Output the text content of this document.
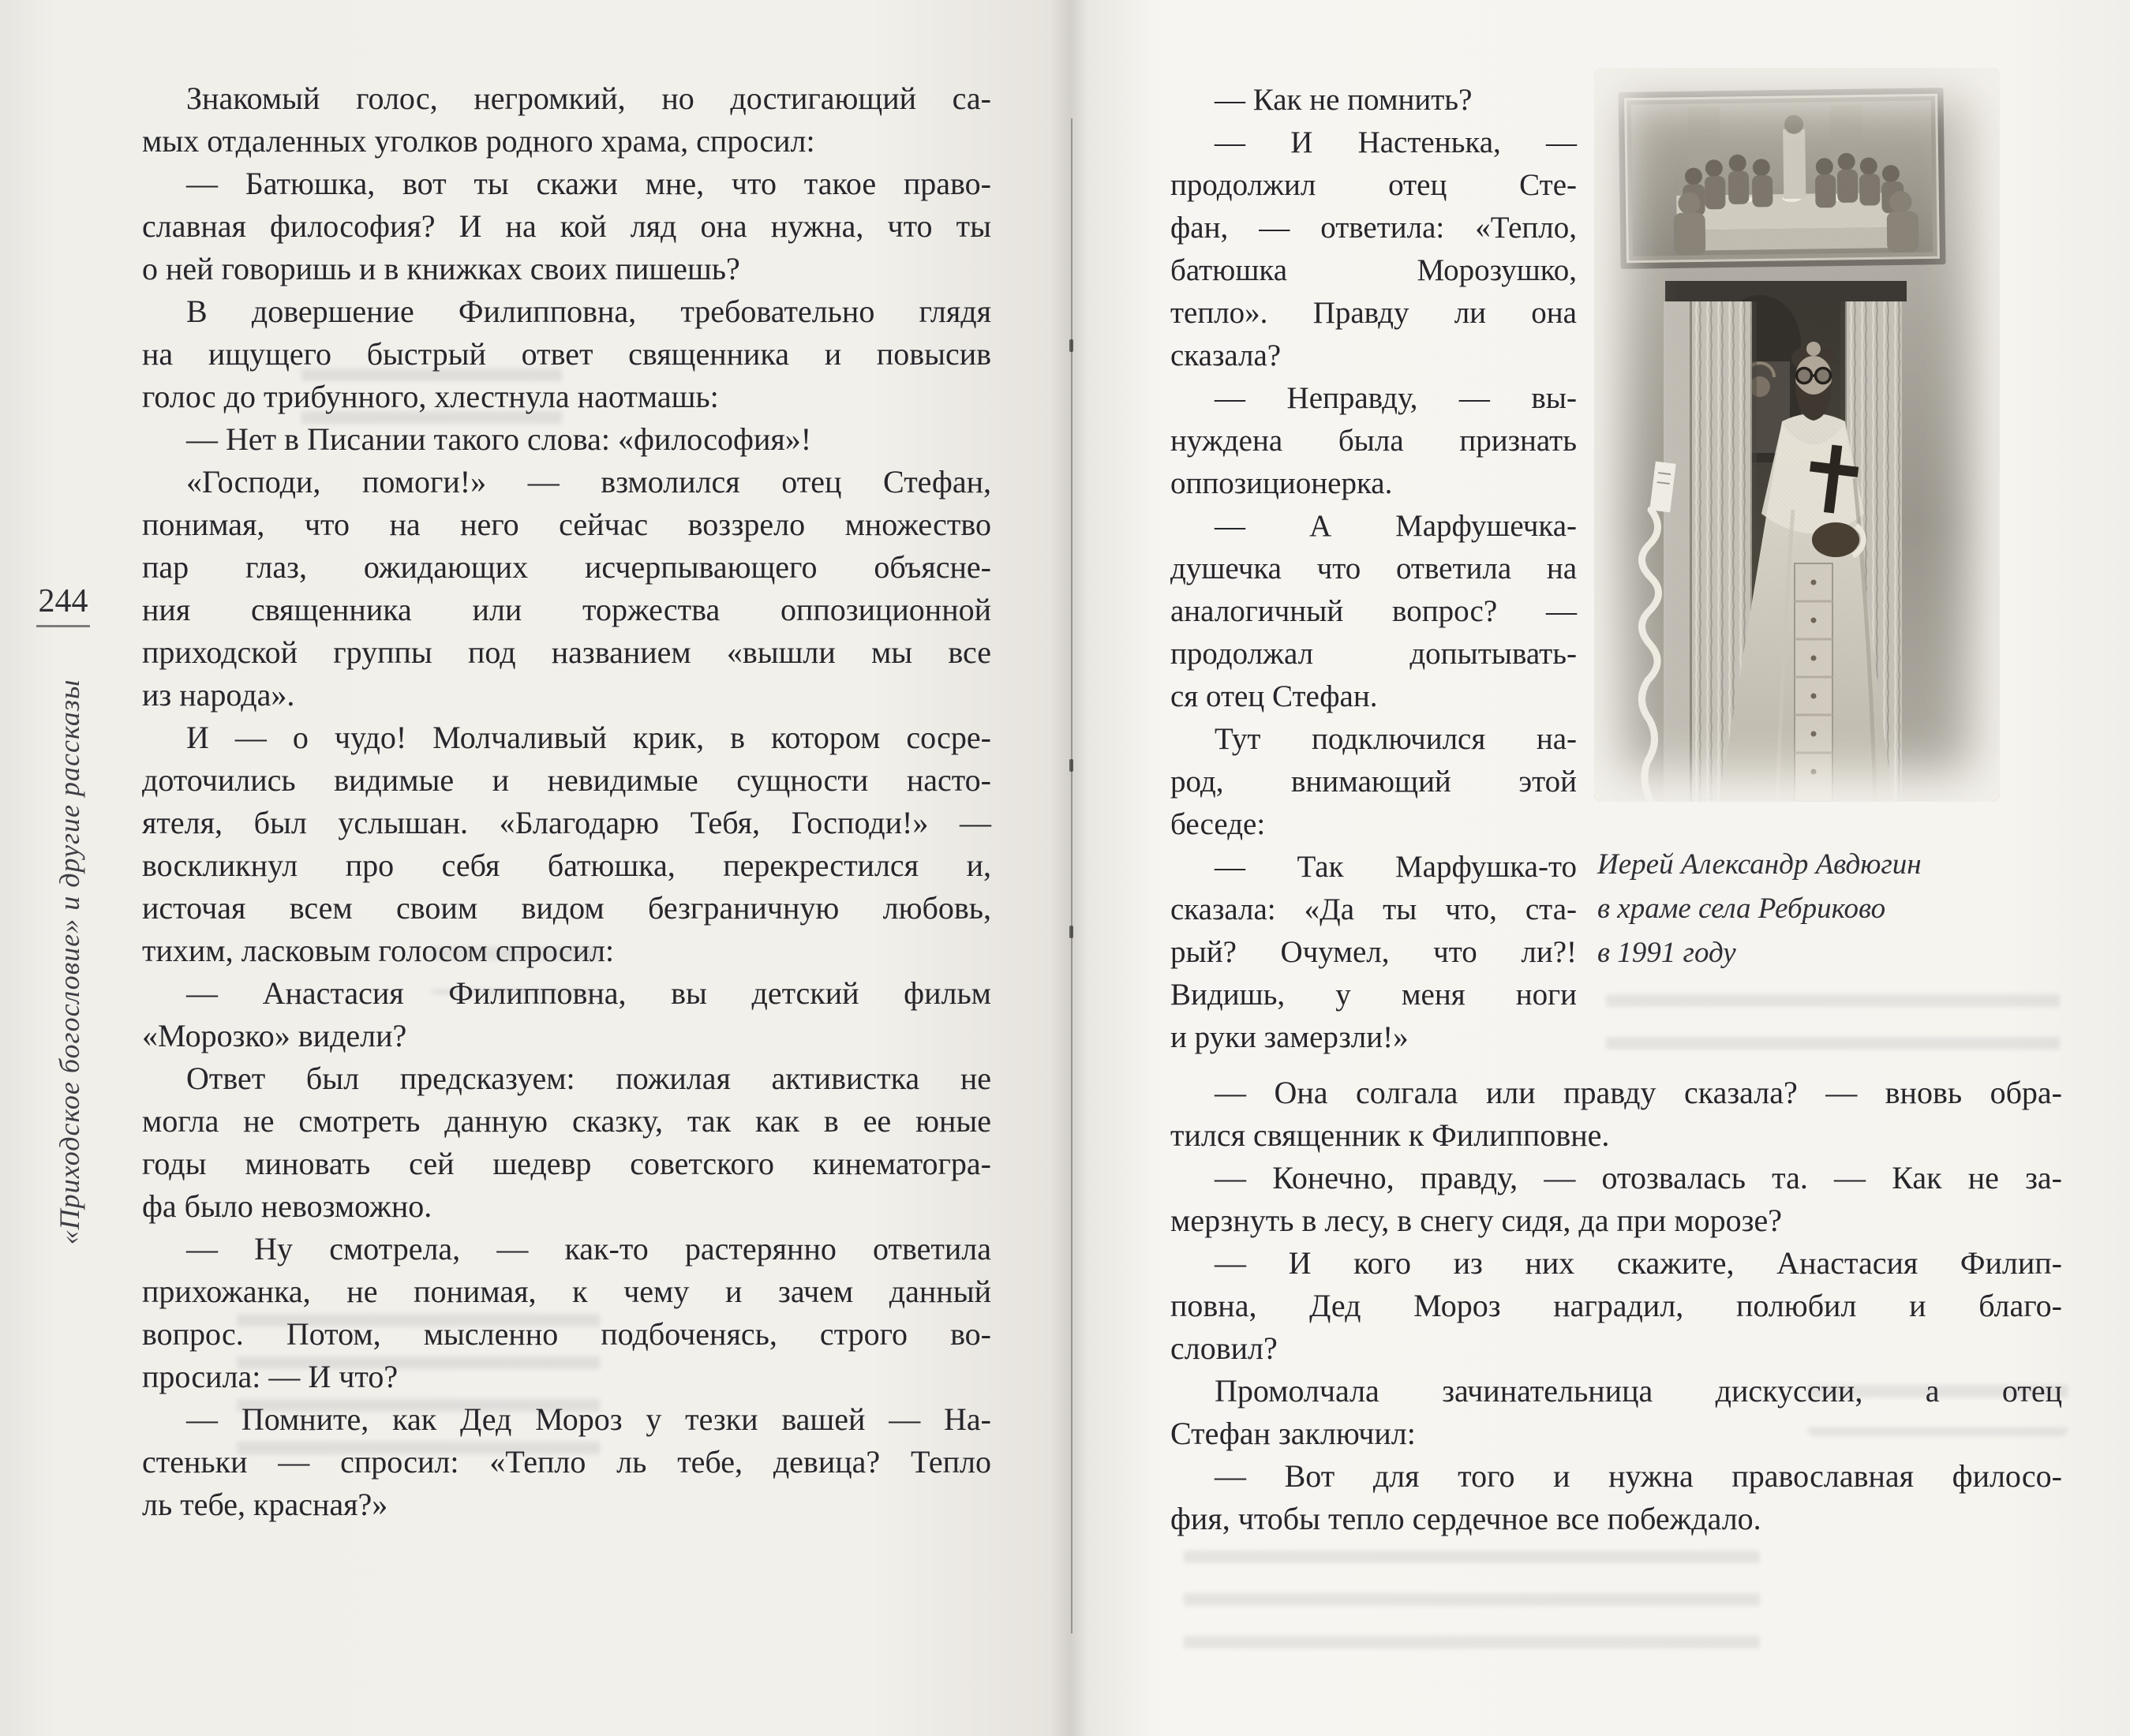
244
«Приходское богословие» и другие рассказы
Знакомый голос, негромкий, но достигающий са-
мых отдаленных уголков родного храма, спросил:
— Батюшка, вот ты скажи мне, что такое право-
славная философия? И на кой ляд она нужна, что ты
о ней говоришь и в книжках своих пишешь?
В довершение Филипповна, требовательно глядя
на ищущего быстрый ответ священника и повысив
голос до трибунного, хлестнула наотмашь:
— Нет в Писании такого слова: «философия»!
«Господи, помоги!» — взмолился отец Стефан,
понимая, что на него сейчас воззрело множество
пар глаз, ожидающих исчерпывающего объясне-
ния священника или торжества оппозиционной
приходской группы под названием «вышли мы все
из народа».
И — о чудо! Молчаливый крик, в котором сосре-
доточились видимые и невидимые сущности насто-
ятеля, был услышан. «Благодарю Тебя, Господи!» —
воскликнул про себя батюшка, перекрестился и,
источая всем своим видом безграничную любовь,
тихим, ласковым голосом спросил:
— Анастасия Филипповна, вы детский фильм
«Морозко» видели?
Ответ был предсказуем: пожилая активистка не
могла не смотреть данную сказку, так как в ее юные
годы миновать сей шедевр советского кинематогра-
фа было невозможно.
— Ну смотрела, — как-то растерянно ответила
прихожанка, не понимая, к чему и зачем данный
вопрос. Потом, мысленно подбоченясь, строго во-
просила: — И что?
— Помните, как Дед Мороз у тезки вашей — На-
стеньки — спросил: «Тепло ль тебе, девица? Тепло
ль тебе, красная?»
— Как не помнить?
— И Настенька, —
продолжил отец Сте-
фан, — ответила: «Тепло,
батюшка Морозушко,
тепло». Правду ли она
сказала?
— Неправду, — вы-
нуждена была признать
оппозиционерка.
— А Марфушечка-
душечка что ответила на
аналогичный вопрос? —
продолжал допытывать-
ся отец Стефан.
Тут подключился на-
род, внимающий этой
беседе:
— Так Марфушка-то
сказала: «Да ты что, ста-
рый? Очумел, что ли?!
Видишь, у меня ноги
и руки замерзли!»
— Она солгала или правду сказала? — вновь обра-
тился священник к Филипповне.
— Конечно, правду, — отозвалась та. — Как не за-
мерзнуть в лесу, в снегу сидя, да при морозе?
— И кого из них скажите, Анастасия Филип-
повна, Дед Мороз наградил, полюбил и благо-
словил?
Промолчала зачинательница дискуссии, а отец
Стефан заключил:
— Вот для того и нужна православная филосо-
фия, чтобы тепло сердечное все побеждало.
Иерей Александр Авдюгин
в храме села Ребриково
в 1991 году
